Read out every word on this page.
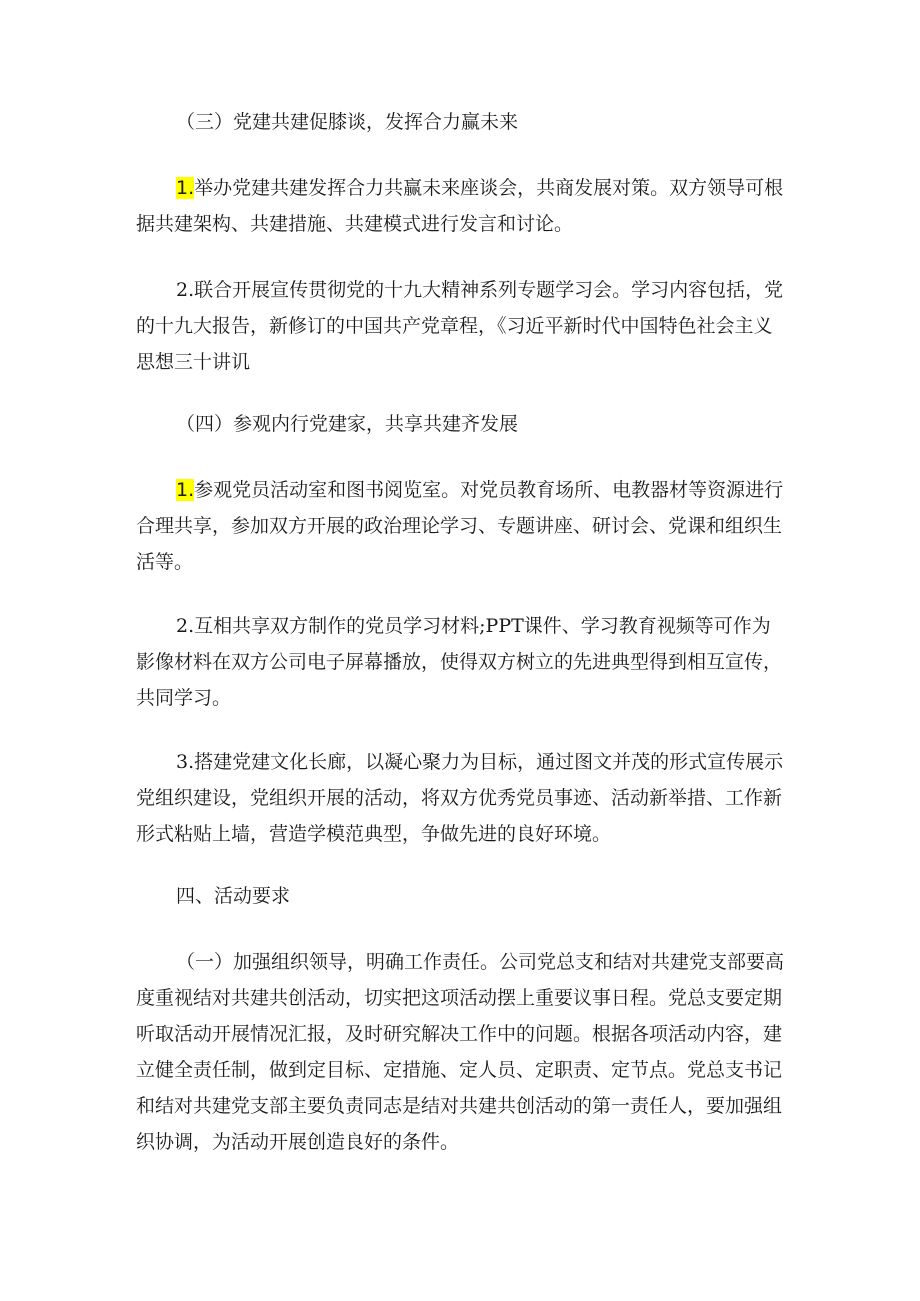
（三）党建共建促膝谈，发挥合力赢未来

1.举办党建共建发挥合力共赢未来座谈会，共商发展对策。双方领导可根据共建架构、共建措施、共建模式进行发言和讨论。

2.联合开展宣传贯彻党的十九大精神系列专题学习会。学习内容包括，党的十九大报告，新修订的中国共产党章程，《习近平新时代中国特色社会主义思想三十讲讥

（四）参观内行党建家，共享共建齐发展

1.参观党员活动室和图书阅览室。对党员教育场所、电教器材等资源进行合理共享，参加双方开展的政治理论学习、专题讲座、研讨会、党课和组织生活等。

2.互相共享双方制作的党员学习材料;PPT课件、学习教育视频等可作为影像材料在双方公司电子屏幕播放，使得双方树立的先进典型得到相互宣传，共同学习。

3.搭建党建文化长廊，以凝心聚力为目标，通过图文并茂的形式宣传展示党组织建设，党组织开展的活动，将双方优秀党员事迹、活动新举措、工作新形式粘贴上墙，营造学模范典型，争做先进的良好环境。

四、活动要求

（一）加强组织领导，明确工作责任。公司党总支和结对共建党支部要高度重视结对共建共创活动，切实把这项活动摆上重要议事日程。党总支要定期听取活动开展情况汇报，及时研究解决工作中的问题。根据各项活动内容，建立健全责任制，做到定目标、定措施、定人员、定职责、定节点。党总支书记和结对共建党支部主要负责同志是结对共建共创活动的第一责任人，要加强组织协调，为活动开展创造良好的条件。
